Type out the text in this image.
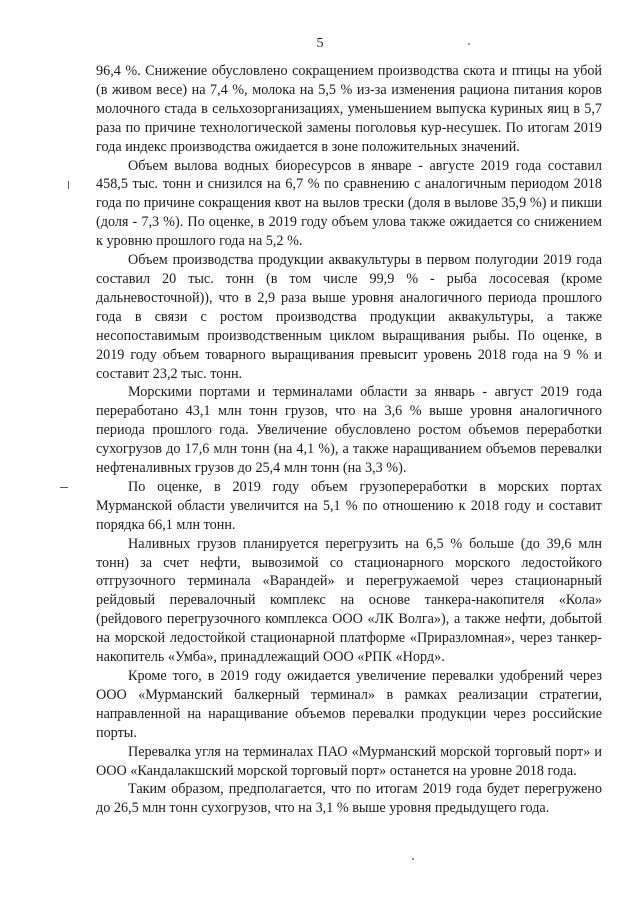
5

96,4 %. Снижение обусловлено сокращением производства скота и птицы на убой (в живом весе) на 7,4 %, молока на 5,5 % из-за изменения рациона питания коров молочного стада в сельхозорганизациях, уменьшением выпуска куриных яиц в 5,7 раза по причине технологической замены поголовья кур-несушек. По итогам 2019 года индекс производства ожидается в зоне положительных значений.

Объем вылова водных биоресурсов в январе - августе 2019 года составил 458,5 тыс. тонн и снизился на 6,7 % по сравнению с аналогичным периодом 2018 года по причине сокращения квот на вылов трески (доля в вылове 35,9 %) и пикши (доля - 7,3 %). По оценке, в 2019 году объем улова также ожидается со снижением к уровню прошлого года на 5,2 %.

Объем производства продукции аквакультуры в первом полугодии 2019 года составил 20 тыс. тонн (в том числе 99,9 % - рыба лососевая (кроме дальневосточной)), что в 2,9 раза выше уровня аналогичного периода прошлого года в связи с ростом производства продукции аквакультуры, а также несопоставимым производственным циклом выращивания рыбы. По оценке, в 2019 году объем товарного выращивания превысит уровень 2018 года на 9 % и составит 23,2 тыс. тонн.

Морскими портами и терминалами области за январь - август 2019 года переработано 43,1 млн тонн грузов, что на 3,6 % выше уровня аналогичного периода прошлого года. Увеличение обусловлено ростом объемов переработки сухогрузов до 17,6 млн тонн (на 4,1 %), а также наращиванием объемов перевалки нефтеналивных грузов до 25,4 млн тонн (на 3,3 %).

По оценке, в 2019 году объем грузопереработки в морских портах Мурманской области увеличится на 5,1 % по отношению к 2018 году и составит порядка 66,1 млн тонн.

Наливных грузов планируется перегрузить на 6,5 % больше (до 39,6 млн тонн) за счет нефти, вывозимой со стационарного морского ледостойкого отгрузочного терминала «Варандей» и перегружаемой через стационарный рейдовый перевалочный комплекс на основе танкера-накопителя «Кола» (рейдового перегрузочного комплекса ООО «ЛК Волга»), а также нефти, добытой на морской ледостойкой стационарной платформе «Приразломная», через танкер-накопитель «Умба», принадлежащий ООО «РПК «Норд».

Кроме того, в 2019 году ожидается увеличение перевалки удобрений через ООО «Мурманский балкерный терминал» в рамках реализации стратегии, направленной на наращивание объемов перевалки продукции через российские порты.

Перевалка угля на терминалах ПАО «Мурманский морской торговый порт» и ООО «Кандалакшский морской торговый порт» останется на уровне 2018 года.

Таким образом, предполагается, что по итогам 2019 года будет перегружено до 26,5 млн тонн сухогрузов, что на 3,1 % выше уровня предыдущего года.
